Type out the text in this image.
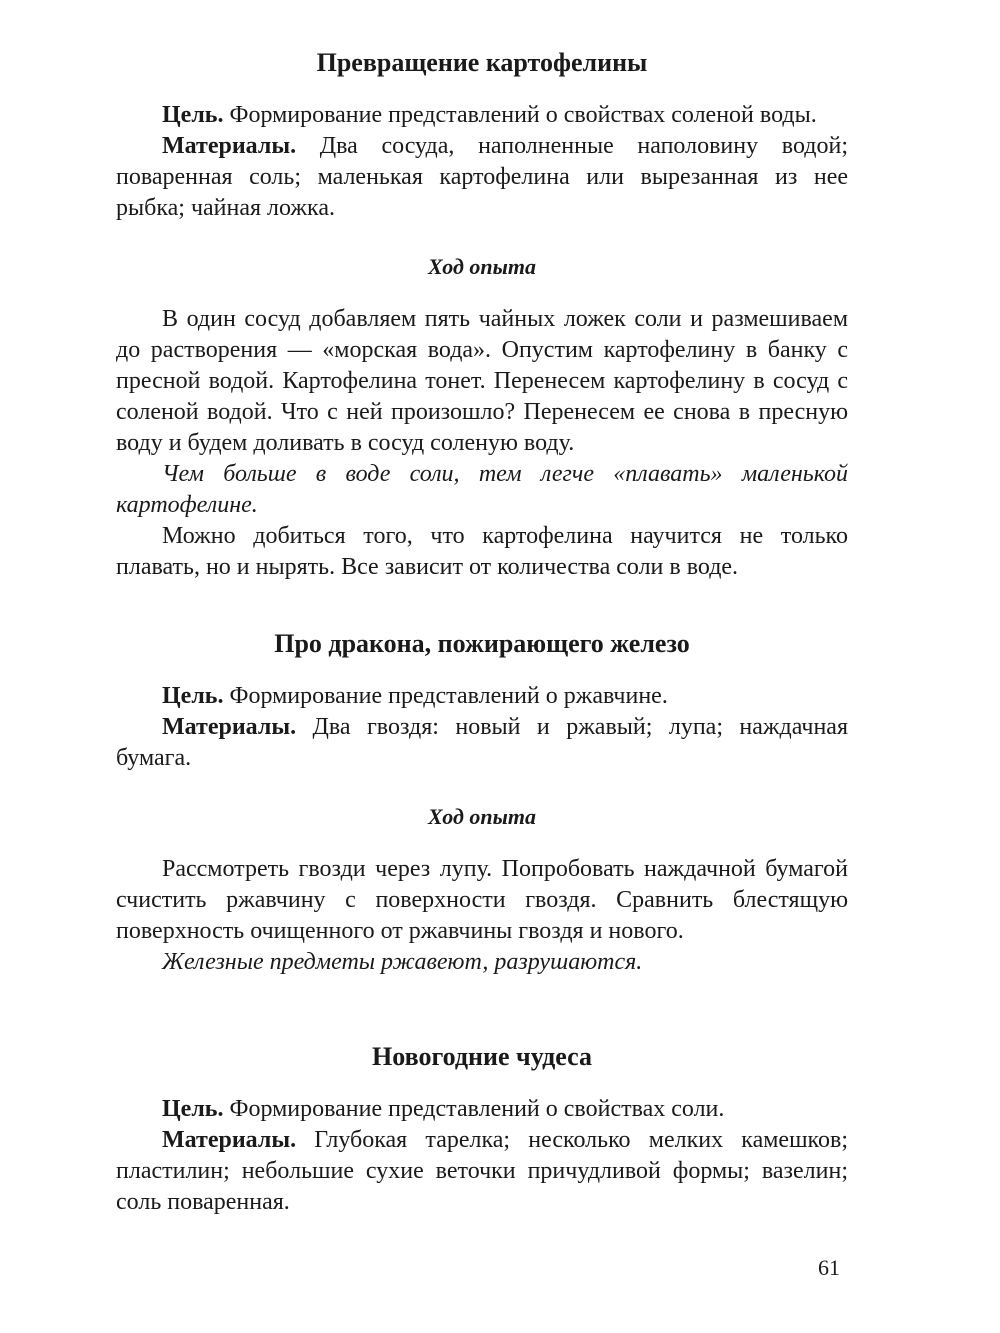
Превращение картофелины

Цель. Формирование представлений о свойствах соленой воды.

Материалы. Два сосуда, наполненные наполовину водой; поваренная соль; маленькая картофелина или вырезанная из нее рыбка; чайная ложка.

Ход опыта

В один сосуд добавляем пять чайных ложек соли и размешиваем до растворения — «морская вода». Опустим картофелину в банку с пресной водой. Картофелина тонет. Перенесем картофелину в сосуд с соленой водой. Что с ней произошло? Перенесем ее снова в пресную воду и будем доливать в сосуд соленую воду.

Чем больше в воде соли, тем легче «плавать» маленькой картофелине.

Можно добиться того, что картофелина научится не только плавать, но и нырять. Все зависит от количества соли в воде.

Про дракона, пожирающего железо

Цель. Формирование представлений о ржавчине.

Материалы. Два гвоздя: новый и ржавый; лупа; наждачная бумага.

Ход опыта

Рассмотреть гвозди через лупу. Попробовать наждачной бумагой счистить ржавчину с поверхности гвоздя. Сравнить блестящую поверхность очищенного от ржавчины гвоздя и нового.

Железные предметы ржавеют, разрушаются.

Новогодние чудеса

Цель. Формирование представлений о свойствах соли.

Материалы. Глубокая тарелка; несколько мелких камешков; пластилин; небольшие сухие веточки причудливой формы; вазелин; соль поваренная.

61
